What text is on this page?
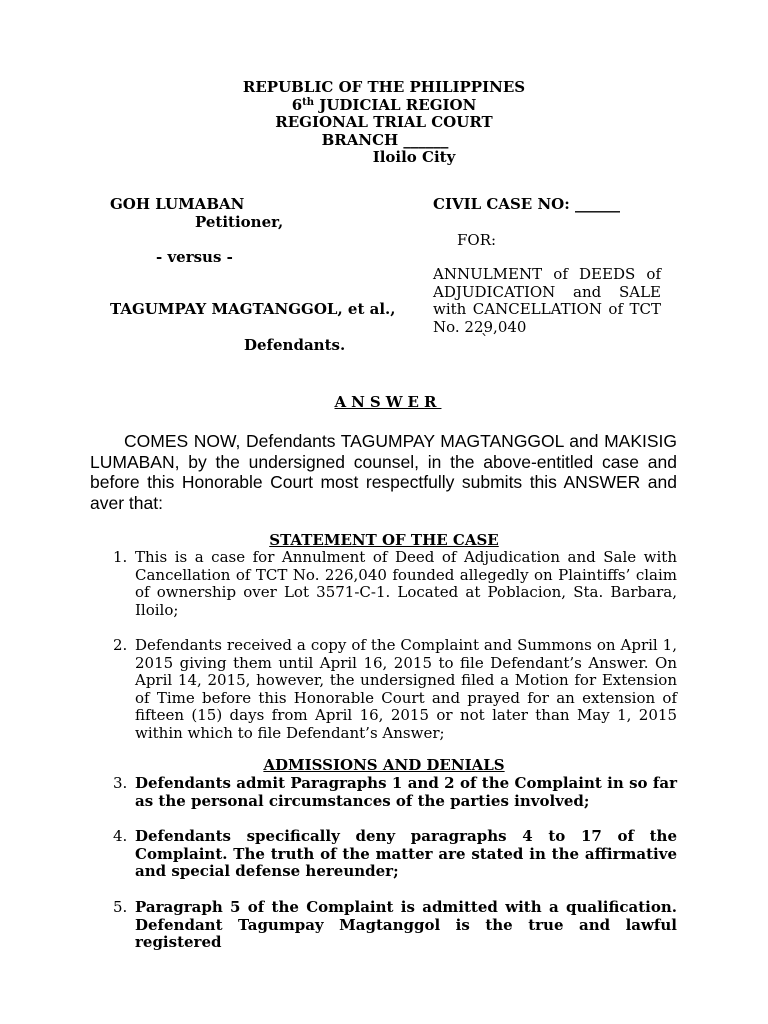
REPUBLIC OF THE PHILIPPINES
6th JUDICIAL REGION
REGIONAL TRIAL COURT
BRANCH ______
Iloilo City
GOH LUMABAN
Petitioner,
- versus -
TAGUMPAY MAGTANGGOL, et al.,
Defendants.
CIVIL CASE NO: ______
FOR:
ANNULMENT of DEEDS of ADJUDICATION and SALE with CANCELLATION of TCT No. 229,040
`
ANSWER
COMES NOW, Defendants TAGUMPAY MAGTANGGOL and MAKISIG LUMABAN, by the undersigned counsel, in the above-entitled case and before this Honorable Court most respectfully submits this ANSWER and aver that:
STATEMENT OF THE CASE
1. This is a case for Annulment of Deed of Adjudication and Sale with Cancellation of TCT No. 226,040 founded allegedly on Plaintiffs’ claim of ownership over Lot 3571-C-1. Located at Poblacion, Sta. Barbara, Iloilo;
2. Defendants received a copy of the Complaint and Summons on April 1, 2015 giving them until April 16, 2015 to file Defendant’s Answer. On April 14, 2015, however, the undersigned filed a Motion for Extension of Time before this Honorable Court and prayed for an extension of fifteen (15) days from April 16, 2015 or not later than May 1, 2015 within which to file Defendant’s Answer;
ADMISSIONS AND DENIALS
3. Defendants admit Paragraphs 1 and 2 of the Complaint in so far as the personal circumstances of the parties involved;
4. Defendants specifically deny paragraphs 4 to 17 of the Complaint. The truth of the matter are stated in the affirmative and special defense hereunder;
5. Paragraph 5 of the Complaint is admitted with a qualification. Defendant Tagumpay Magtanggol is the true and lawful registered
